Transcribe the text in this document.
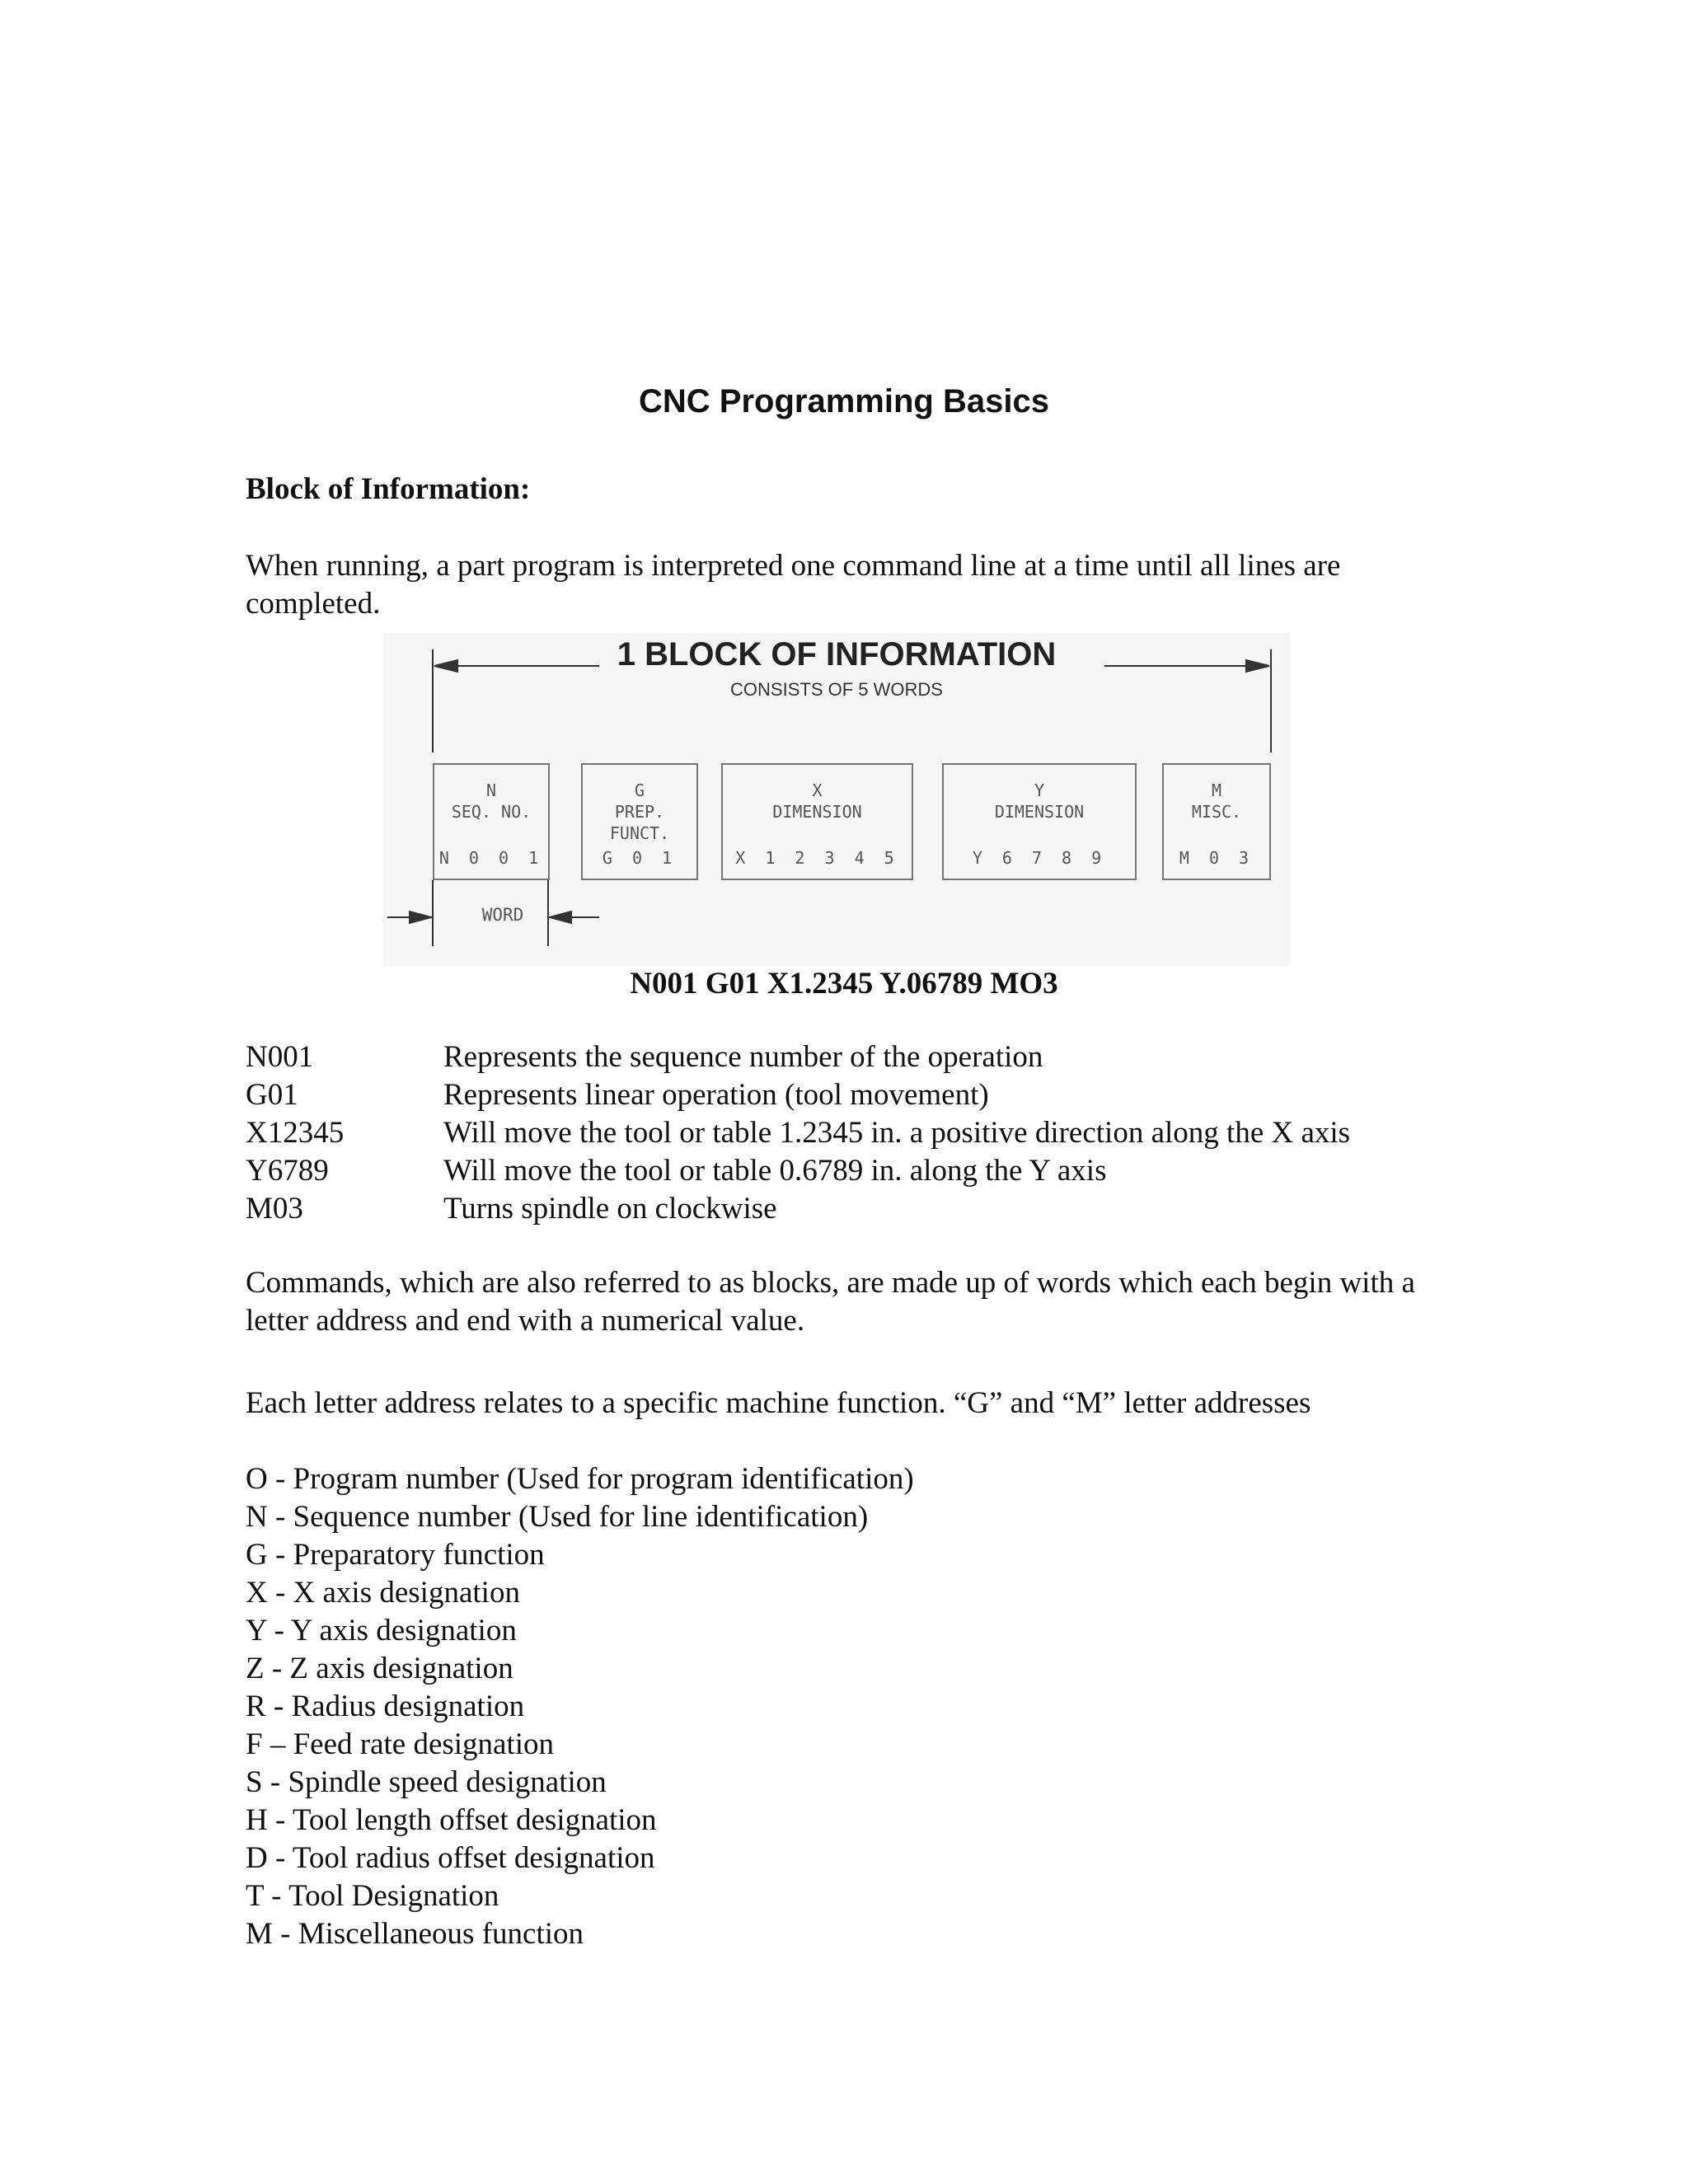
CNC Programming Basics
Block of Information:

When running, a part program is interpreted one command line at a time until all lines are completed.

1 BLOCK OF INFORMATION
CONSISTS OF 5 WORDS
N
SEQ. NO.
N 0 0 1
G
PREP.
FUNCT.
G 0 1
X
DIMENSION
X 1 2 3 4 5
Y
DIMENSION
Y 6 7 8 9
M
MISC.
M 0 3
WORD
N001 G01 X1.2345 Y.06789 MO3
N001	Represents the sequence number of the operation
G01	Represents linear operation (tool movement)
X12345	Will move the tool or table 1.2345 in. a positive direction along the X axis
Y6789	Will move the tool or table 0.6789 in. along the Y axis
M03	Turns spindle on clockwise

Commands, which are also referred to as blocks, are made up of words which each begin with a letter address and end with a numerical value.

Each letter address relates to a specific machine function. “G” and “M” letter addresses
O - Program number (Used for program identification)
N - Sequence number (Used for line identification)
G - Preparatory function
X - X axis designation
Y - Y axis designation
Z - Z axis designation
R - Radius designation
F – Feed rate designation
S - Spindle speed designation
H - Tool length offset designation
D - Tool radius offset designation
T - Tool Designation
M - Miscellaneous function
